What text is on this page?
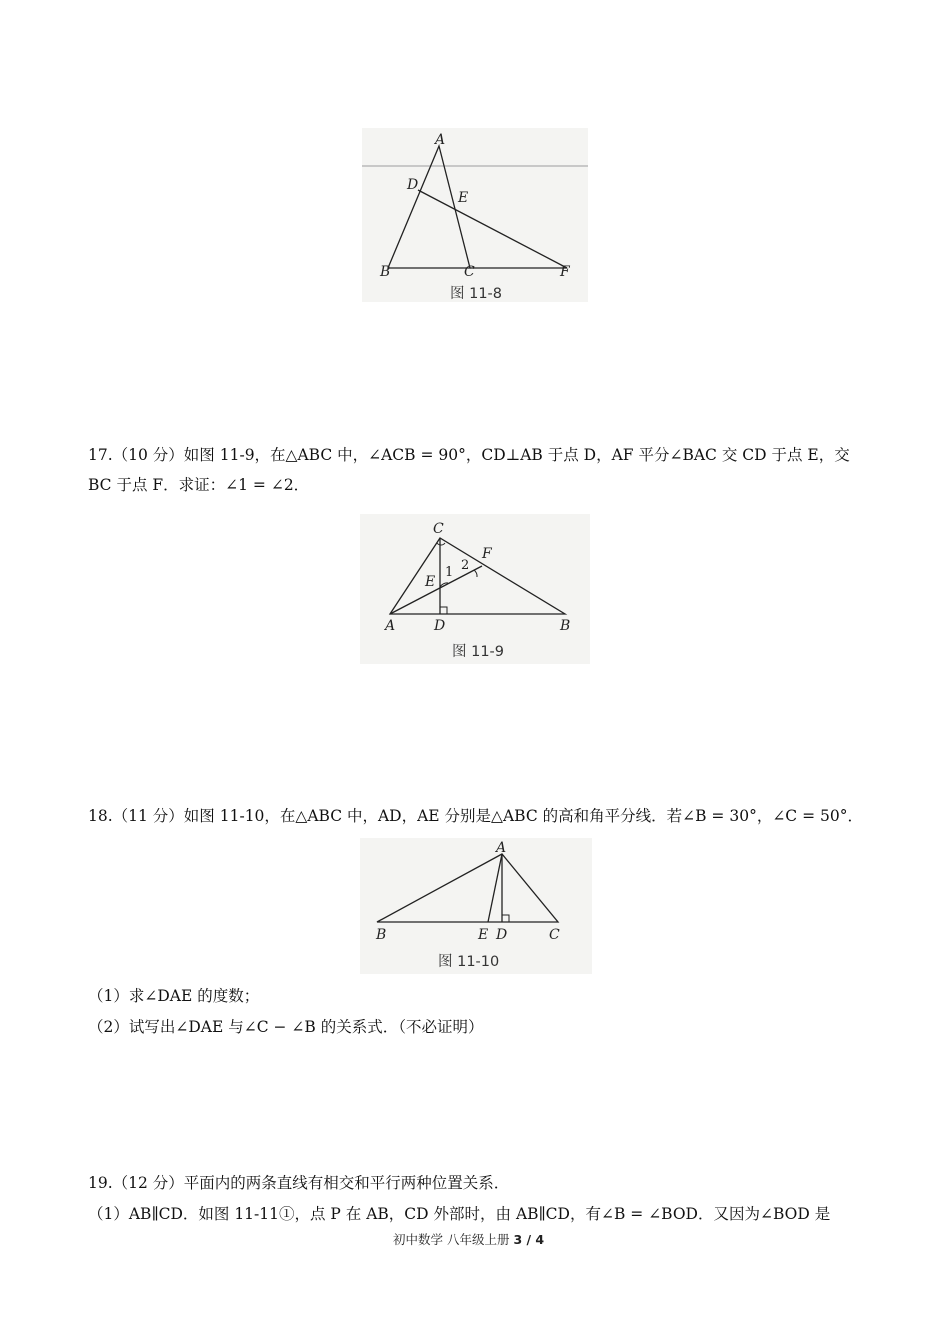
A
D
E
B	C	F
图 11-8
17.（10 分）如图 11-9，在△ABC 中，∠ACB = 90°，CD⊥AB 于点 D，AF 平分∠BAC 交 CD 于点 E，交
BC 于点 F．求证：∠1 = ∠2．
C
F
E
1 2
A	D	B
图 11-9
18.（11 分）如图 11-10，在△ABC 中，AD，AE 分别是△ABC 的高和角平分线．若∠B = 30°，∠C = 50°．
A
B	E D	C
图 11-10
（1）求∠DAE 的度数；
（2）试写出∠DAE 与∠C − ∠B 的关系式．（不必证明）
19.（12 分）平面内的两条直线有相交和平行两种位置关系．
（1）AB∥CD．如图 11-11①，点 P 在 AB，CD 外部时，由 AB∥CD，有∠B = ∠BOD．又因为∠BOD 是
初中数学 八年级上册 3 / 4
